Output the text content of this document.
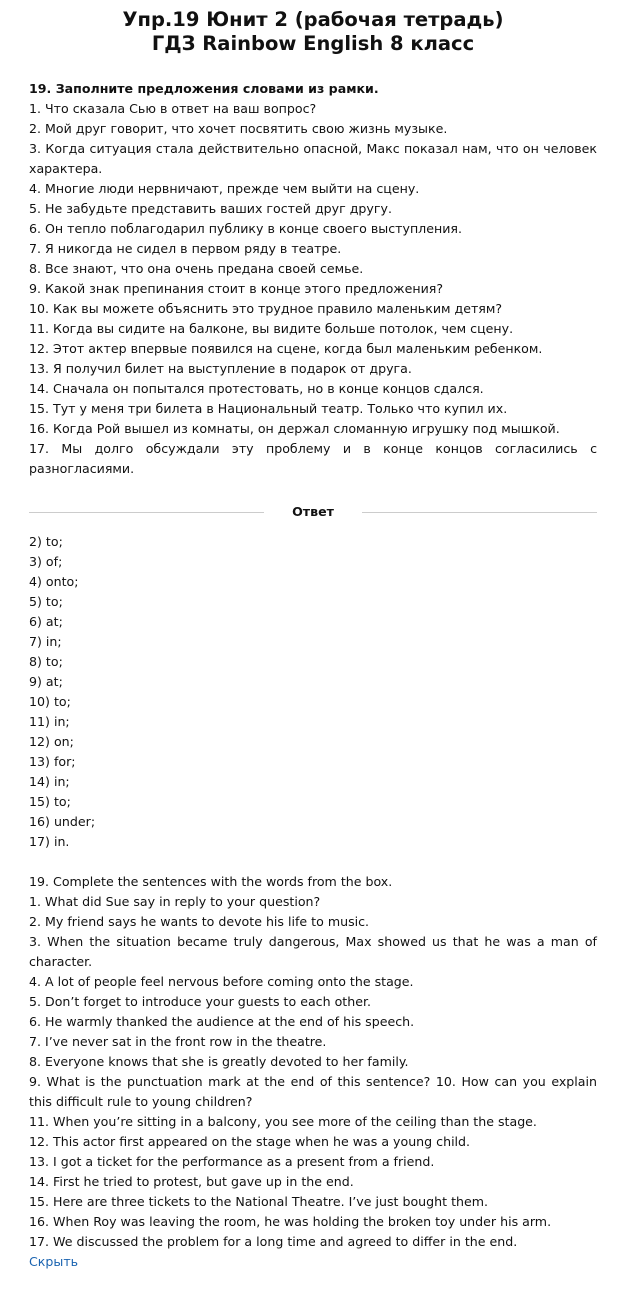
Упр.19 Юнит 2 (рабочая тетрадь)
ГДЗ Rainbow English 8 класс

19. Заполните предложения словами из рамки.

1. Что сказала Сью в ответ на ваш вопрос?

2. Мой друг говорит, что хочет посвятить свою жизнь музыке.

3. Когда ситуация стала действительно опасной, Макс показал нам, что он человек характера.

4. Многие люди нервничают, прежде чем выйти на сцену.

5. Не забудьте представить ваших гостей друг другу.

6. Он тепло поблагодарил публику в конце своего выступления.

7. Я никогда не сидел в первом ряду в театре.

8. Все знают, что она очень предана своей семье.

9. Какой знак препинания стоит в конце этого предложения?

10. Как вы можете объяснить это трудное правило маленьким детям?

11. Когда вы сидите на балконе, вы видите больше потолок, чем сцену.

12. Этот актер впервые появился на сцене, когда был маленьким ребенком.

13. Я получил билет на выступление в подарок от друга.

14. Сначала он попытался протестовать, но в конце концов сдался.

15. Тут у меня три билета в Национальный театр. Только что купил их.

16. Когда Рой вышел из комнаты, он держал сломанную игрушку под мышкой.

17. Мы долго обсуждали эту проблему и в конце концов согласились с разногласиями.

Ответ

2) to;

3) of;

4) onto;

5) to;

6) at;

7) in;

8) to;

9) at;

10) to;

11) in;

12) on;

13) for;

14) in;

15) to;

16) under;

17) in.

19. Complete the sentences with the words from the box.

1. What did Sue say in reply to your question?

2. My friend says he wants to devote his life to music.

3. When the situation became truly dangerous, Max showed us that he was a man of character.

4. A lot of people feel nervous before coming onto the stage.

5. Don’t forget to introduce your guests to each other.

6. He warmly thanked the audience at the end of his speech.

7. I’ve never sat in the front row in the theatre.

8. Everyone knows that she is greatly devoted to her family.

9. What is the punctuation mark at the end of this sentence? 10. How can you explain this difficult rule to young children?

11. When you’re sitting in a balcony, you see more of the ceiling than the stage.

12. This actor first appeared on the stage when he was a young child.

13. I got a ticket for the performance as a present from a friend.

14. First he tried to protest, but gave up in the end.

15. Here are three tickets to the National Theatre. I’ve just bought them.

16. When Roy was leaving the room, he was holding the broken toy under his arm.

17. We discussed the problem for a long time and agreed to differ in the end.

Скрыть
